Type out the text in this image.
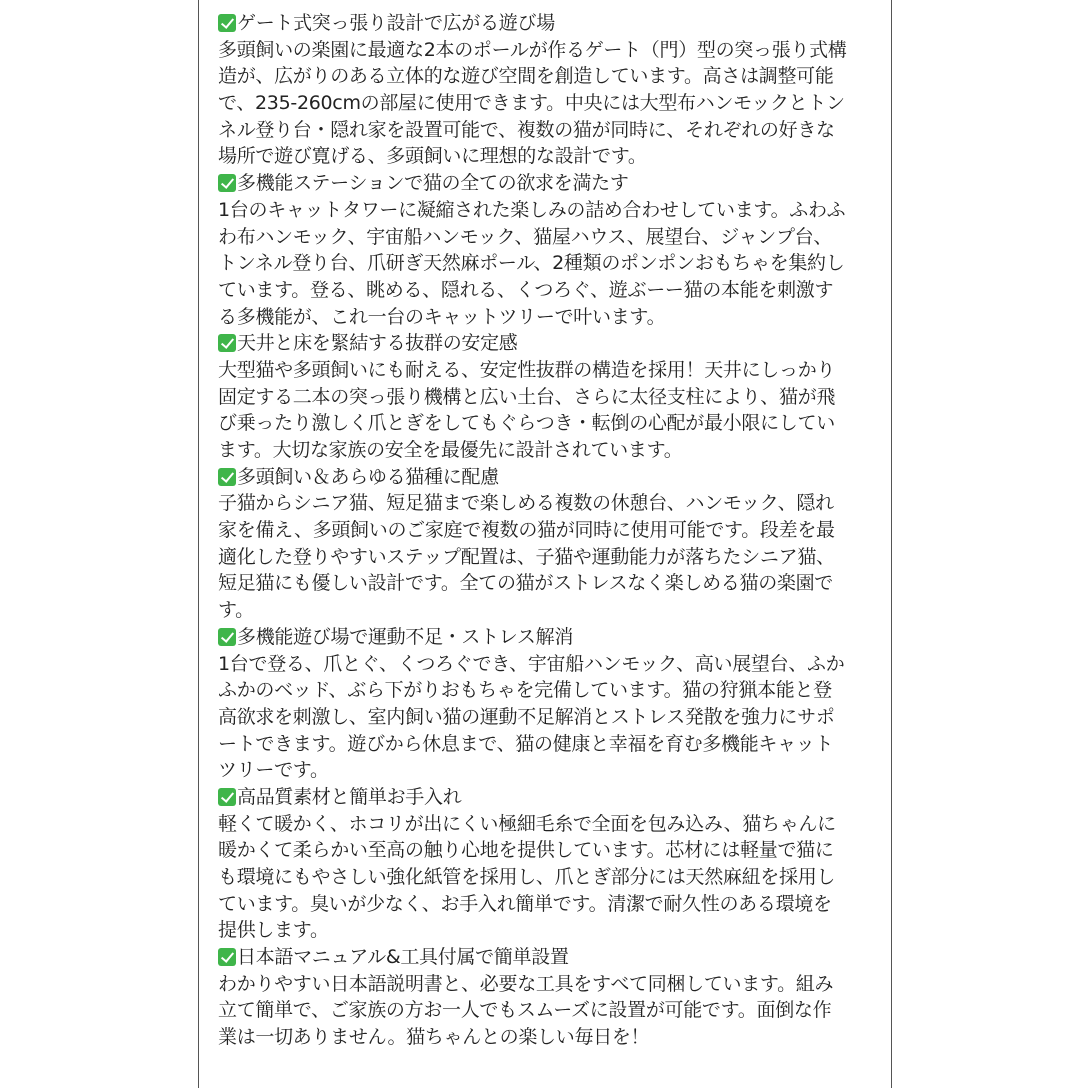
ゲート式突っ張り設計で広がる遊び場
多頭飼いの楽園に最適な2本のポールが作るゲート（門）型の突っ張り式構
造が、広がりのある立体的な遊び空間を創造しています。高さは調整可能
で、235-260cmの部屋に使用できます。中央には大型布ハンモックとトン
ネル登り台・隠れ家を設置可能で、複数の猫が同時に、それぞれの好きな
場所で遊び寛げる、多頭飼いに理想的な設計です。
多機能ステーションで猫の全ての欲求を満たす
1台のキャットタワーに凝縮された楽しみの詰め合わせしています。ふわふ
わ布ハンモック、宇宙船ハンモック、猫屋ハウス、展望台、ジャンプ台、
トンネル登り台、爪研ぎ天然麻ポール、2種類のポンポンおもちゃを集約し
ています。登る、眺める、隠れる、くつろぐ、遊ぶーー猫の本能を刺激す
る多機能が、これ一台のキャットツリーで叶います。
天井と床を緊結する抜群の安定感
大型猫や多頭飼いにも耐える、安定性抜群の構造を採用！天井にしっかり
固定する二本の突っ張り機構と広い土台、さらに太径支柱により、猫が飛
び乗ったり激しく爪とぎをしてもぐらつき・転倒の心配が最小限にしてい
ます。大切な家族の安全を最優先に設計されています。
多頭飼い＆あらゆる猫種に配慮
子猫からシニア猫、短足猫まで楽しめる複数の休憩台、ハンモック、隠れ
家を備え、多頭飼いのご家庭で複数の猫が同時に使用可能です。段差を最
適化した登りやすいステップ配置は、子猫や運動能力が落ちたシニア猫、
短足猫にも優しい設計です。全ての猫がストレスなく楽しめる猫の楽園で
す。
多機能遊び場で運動不足・ストレス解消
1台で登る、爪とぐ、くつろぐでき、宇宙船ハンモック、高い展望台、ふか
ふかのベッド、ぶら下がりおもちゃを完備しています。猫の狩猟本能と登
高欲求を刺激し、室内飼い猫の運動不足解消とストレス発散を強力にサポ
ートできます。遊びから休息まで、猫の健康と幸福を育む多機能キャット
ツリーです。
高品質素材と簡単お手入れ
軽くて暖かく、ホコリが出にくい極細毛糸で全面を包み込み、猫ちゃんに
暖かくて柔らかい至高の触り心地を提供しています。芯材には軽量で猫に
も環境にもやさしい強化紙管を採用し、爪とぎ部分には天然麻紐を採用し
ています。臭いが少なく、お手入れ簡単です。清潔で耐久性のある環境を
提供します。
日本語マニュアル&工具付属で簡単設置
わかりやすい日本語説明書と、必要な工具をすべて同梱しています。組み
立て簡単で、ご家族の方お一人でもスムーズに設置が可能です。面倒な作
業は一切ありません。猫ちゃんとの楽しい毎日を！
